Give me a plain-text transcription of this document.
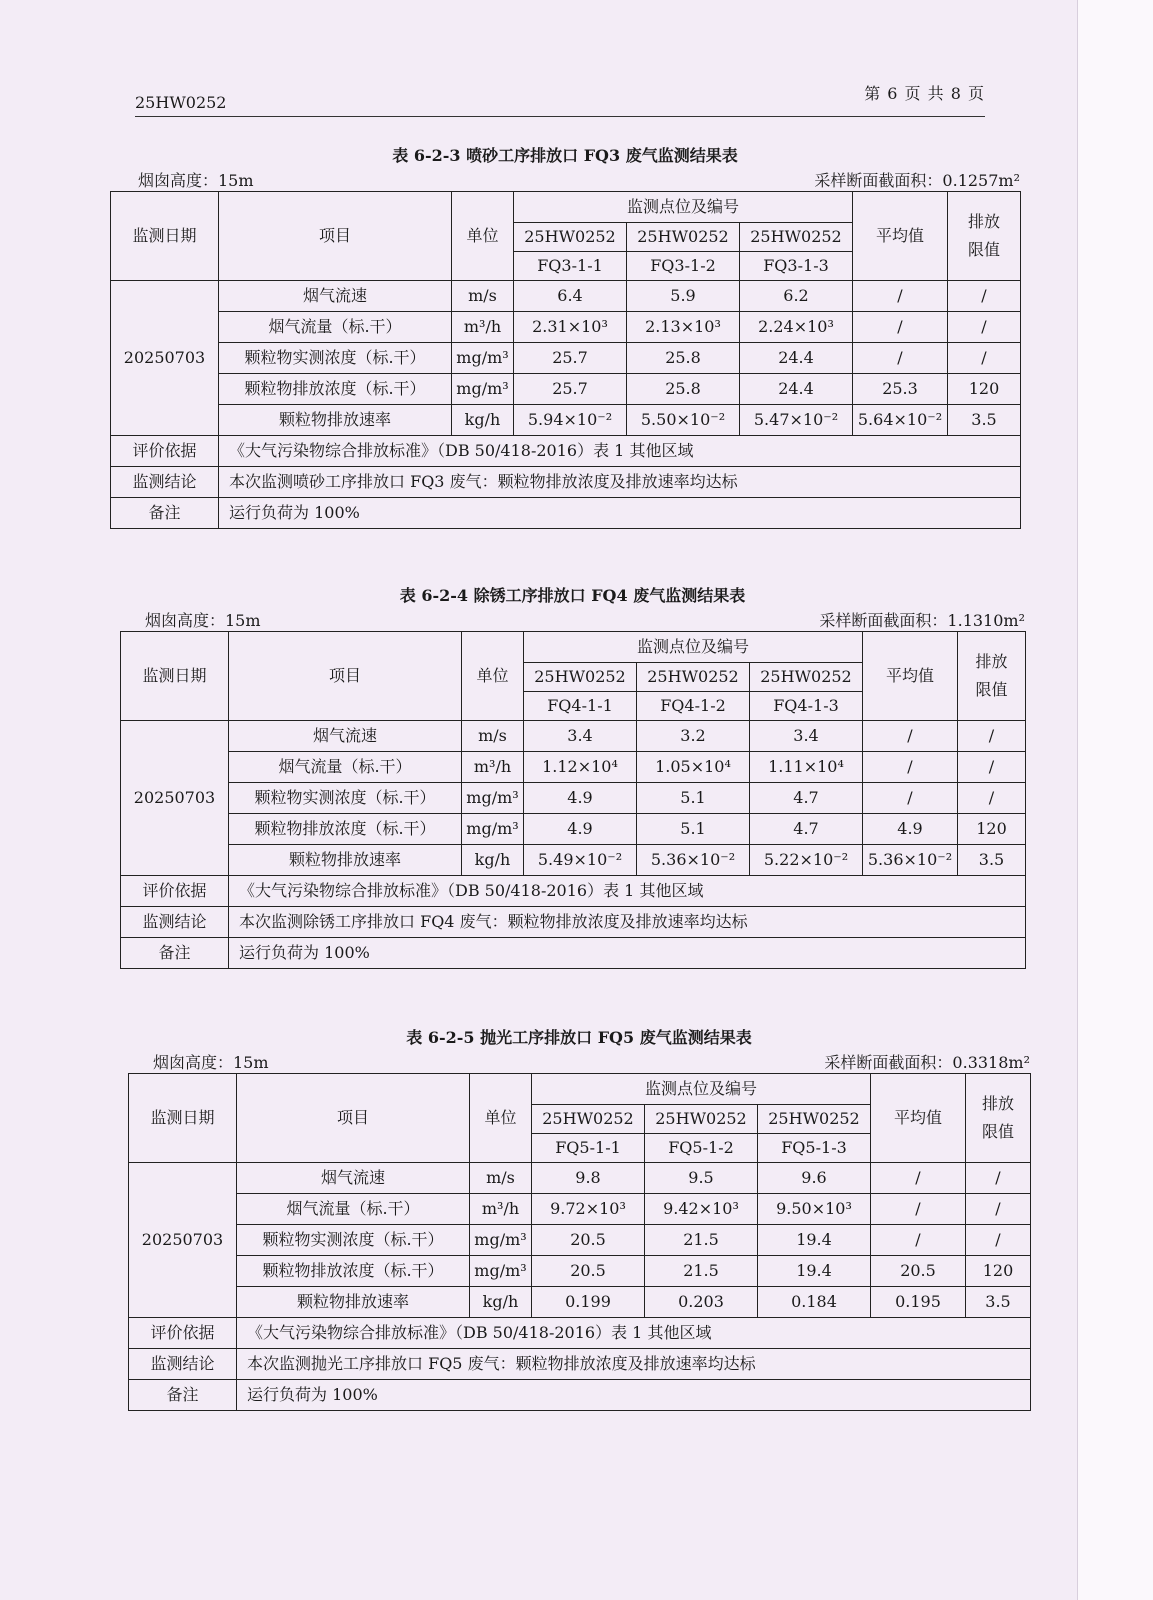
25HW0252	第 6 页 共 8 页
表 6-2-3 喷砂工序排放口 FQ3 废气监测结果表
烟囱高度：15m	采样断面截面积：0.1257m²
监测日期	项目	单位	监测点位及编号			平均值	排放限值
			25HW0252	25HW0252	25HW0252		
			FQ3-1-1	FQ3-1-2	FQ3-1-3		
20250703	烟气流速	m/s	6.4	5.9	6.2	/	/
	烟气流量（标.干）	m³/h	2.31×10³	2.13×10³	2.24×10³	/	/
	颗粒物实测浓度（标.干）	mg/m³	25.7	25.8	24.4	/	/
	颗粒物排放浓度（标.干）	mg/m³	25.7	25.8	24.4	25.3	120
	颗粒物排放速率	kg/h	5.94×10⁻²	5.50×10⁻²	5.47×10⁻²	5.64×10⁻²	3.5
评价依据	《大气污染物综合排放标准》（DB 50/418-2016）表 1 其他区域						
监测结论	本次监测喷砂工序排放口 FQ3 废气：颗粒物排放浓度及排放速率均达标						
备注	运行负荷为 100%						
表 6-2-4 除锈工序排放口 FQ4 废气监测结果表
烟囱高度：15m	采样断面截面积：1.1310m²
监测日期	项目	单位	监测点位及编号			平均值	排放限值
			25HW0252	25HW0252	25HW0252		
			FQ4-1-1	FQ4-1-2	FQ4-1-3		
20250703	烟气流速	m/s	3.4	3.2	3.4	/	/
	烟气流量（标.干）	m³/h	1.12×10⁴	1.05×10⁴	1.11×10⁴	/	/
	颗粒物实测浓度（标.干）	mg/m³	4.9	5.1	4.7	/	/
	颗粒物排放浓度（标.干）	mg/m³	4.9	5.1	4.7	4.9	120
	颗粒物排放速率	kg/h	5.49×10⁻²	5.36×10⁻²	5.22×10⁻²	5.36×10⁻²	3.5
评价依据	《大气污染物综合排放标准》（DB 50/418-2016）表 1 其他区域						
监测结论	本次监测除锈工序排放口 FQ4 废气：颗粒物排放浓度及排放速率均达标						
备注	运行负荷为 100%						
表 6-2-5 抛光工序排放口 FQ5 废气监测结果表
烟囱高度：15m	采样断面截面积：0.3318m²
监测日期	项目	单位	监测点位及编号			平均值	排放限值
			25HW0252	25HW0252	25HW0252		
			FQ5-1-1	FQ5-1-2	FQ5-1-3		
20250703	烟气流速	m/s	9.8	9.5	9.6	/	/
	烟气流量（标.干）	m³/h	9.72×10³	9.42×10³	9.50×10³	/	/
	颗粒物实测浓度（标.干）	mg/m³	20.5	21.5	19.4	/	/
	颗粒物排放浓度（标.干）	mg/m³	20.5	21.5	19.4	20.5	120
	颗粒物排放速率	kg/h	0.199	0.203	0.184	0.195	3.5
评价依据	《大气污染物综合排放标准》（DB 50/418-2016）表 1 其他区域						
监测结论	本次监测抛光工序排放口 FQ5 废气：颗粒物排放浓度及排放速率均达标						
备注	运行负荷为 100%						
